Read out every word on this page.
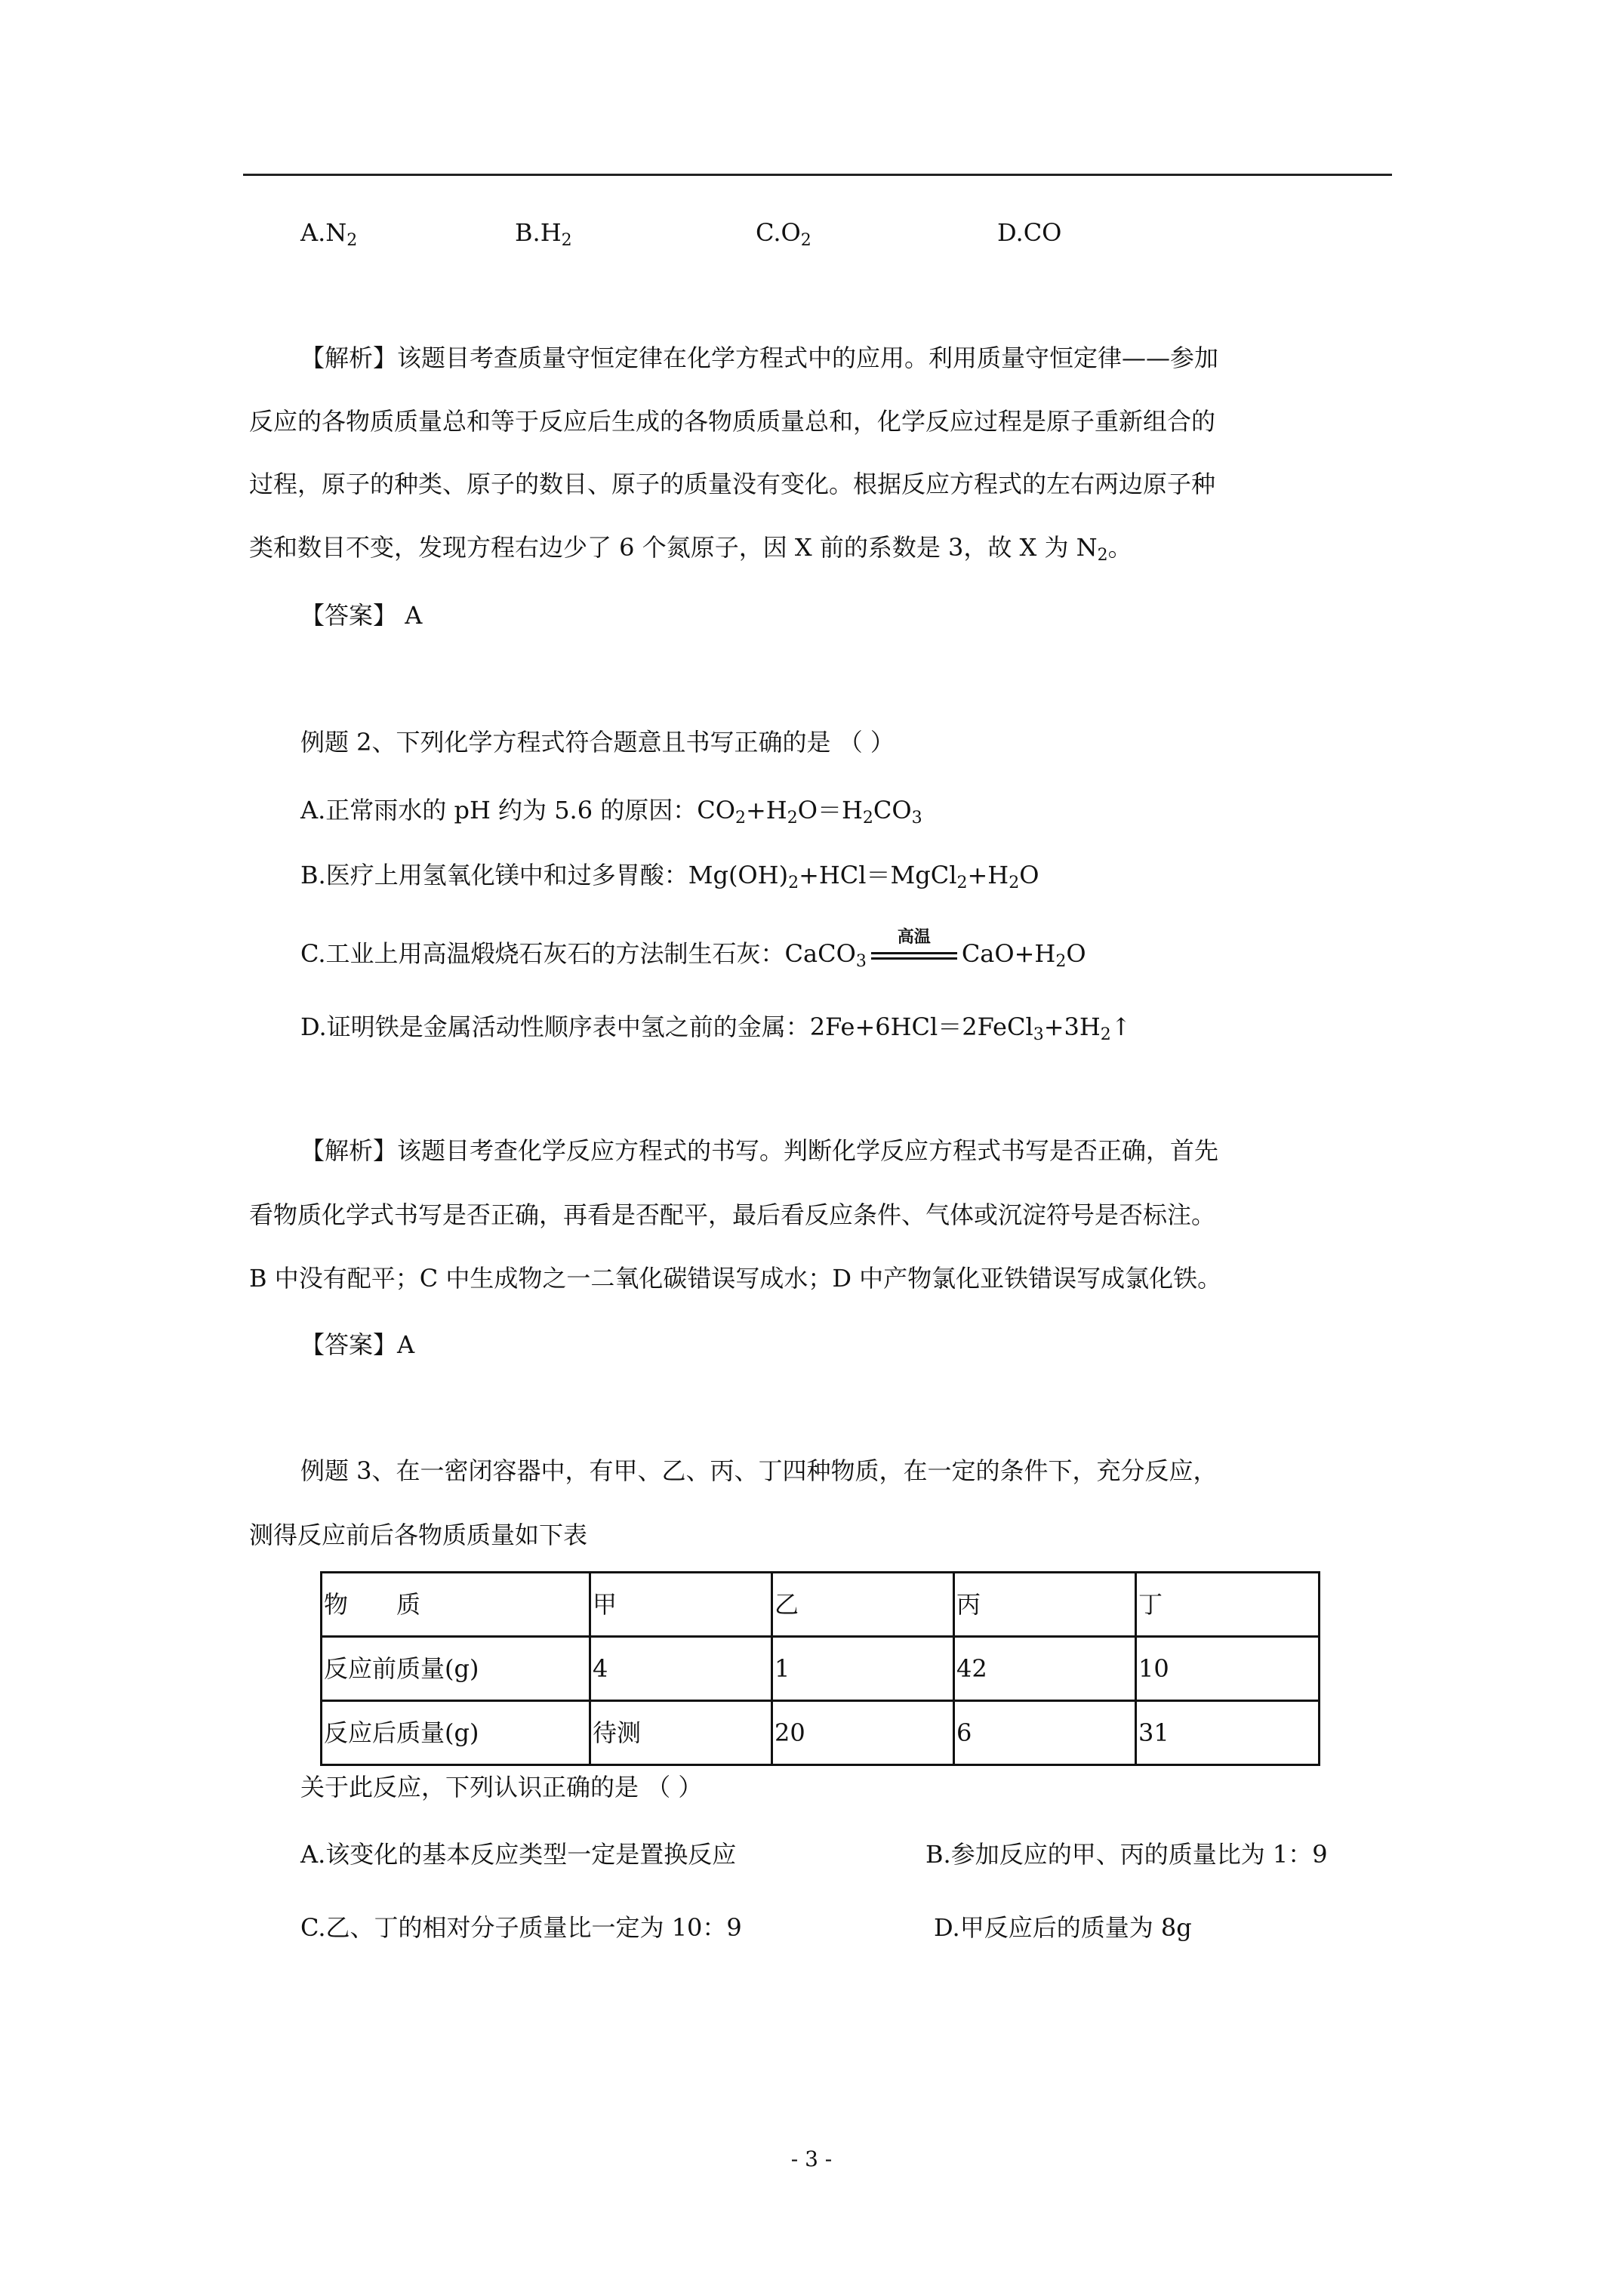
$A.N_2$	$B.H_2$	$C.O_2$	D.CO
【解析】该题目考查质量守恒定律在化学方程式中的应用。利用质量守恒定律——参加
反应的各物质质量总和等于反应后生成的各物质质量总和，化学反应过程是原子重新组合的
过程，原子的种类、原子的数目、原子的质量没有变化。根据反应方程式的左右两边原子种
类和数目不变，发现方程右边少了 6 个氮原子，因 X 前的系数是 3，故 X 为 $N_2$。
【答案】 A
例题 2、下列化学方程式符合题意且书写正确的是 （ ）
A.正常雨水的 pH 约为 5.6 的原因：$CO_2+H_2O=H_2CO_3$
B.医疗上用氢氧化镁中和过多胃酸：$Mg(OH)_2+HCl=MgCl_2+H_2O$
C.工业上用高温煅烧石灰石的方法制生石灰：CaCO$_3$
高温
$CaO+H_2O$
D.证明铁是金属活动性顺序表中氢之前的金属：$2Fe+6HCl=2FeCl_3+3H_2↑$
【解析】该题目考查化学反应方程式的书写。判断化学反应方程式书写是否正确，首先
看物质化学式书写是否正确，再看是否配平，最后看反应条件、气体或沉淀符号是否标注。
B 中没有配平；C 中生成物之一二氧化碳错误写成水；D 中产物氯化亚铁错误写成氯化铁。
【答案】A
例题 3、在一密闭容器中，有甲、乙、丙、丁四种物质，在一定的条件下，充分反应，
测得反应前后各物质质量如下表
物　　质	甲	乙	丙	丁
反应前质量(g)	4	1	42	10
反应后质量(g)	待测	20	6	31
关于此反应，下列认识正确的是 （ ）
A.该变化的基本反应类型一定是置换反应	B.参加反应的甲、丙的质量比为 1：9
C.乙、丁的相对分子质量比一定为 10：9	D.甲反应后的质量为 8g
- 3 -
